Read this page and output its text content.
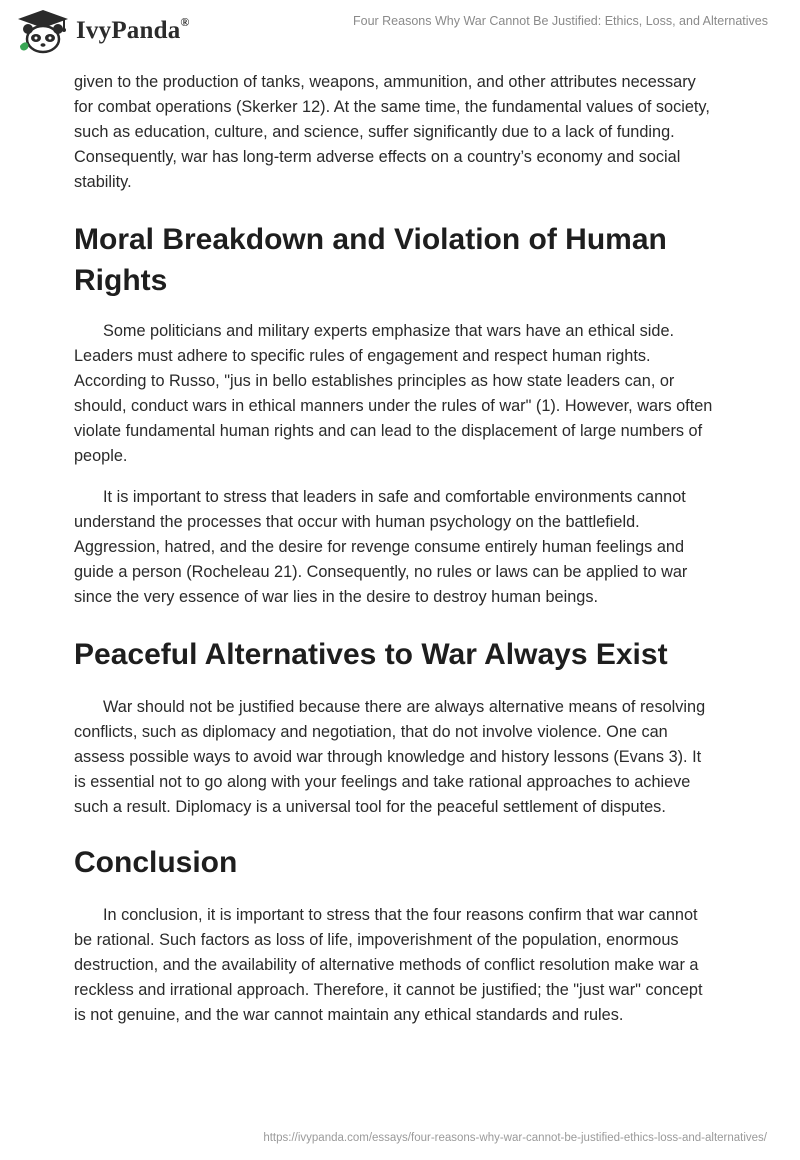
IvyPanda®	Four Reasons Why War Cannot Be Justified: Ethics, Loss, and Alternatives

given to the production of tanks, weapons, ammunition, and other attributes necessary for combat operations (Skerker 12). At the same time, the fundamental values of society, such as education, culture, and science, suffer significantly due to a lack of funding. Consequently, war has long-term adverse effects on a country’s economy and social stability.

Moral Breakdown and Violation of Human Rights

Some politicians and military experts emphasize that wars have an ethical side. Leaders must adhere to specific rules of engagement and respect human rights. According to Russo, "jus in bello establishes principles as how state leaders can, or should, conduct wars in ethical manners under the rules of war" (1). However, wars often violate fundamental human rights and can lead to the displacement of large numbers of people.

It is important to stress that leaders in safe and comfortable environments cannot understand the processes that occur with human psychology on the battlefield. Aggression, hatred, and the desire for revenge consume entirely human feelings and guide a person (Rocheleau 21). Consequently, no rules or laws can be applied to war since the very essence of war lies in the desire to destroy human beings.

Peaceful Alternatives to War Always Exist

War should not be justified because there are always alternative means of resolving conflicts, such as diplomacy and negotiation, that do not involve violence. One can assess possible ways to avoid war through knowledge and history lessons (Evans 3). It is essential not to go along with your feelings and take rational approaches to achieve such a result. Diplomacy is a universal tool for the peaceful settlement of disputes.

Conclusion

In conclusion, it is important to stress that the four reasons confirm that war cannot be rational. Such factors as loss of life, impoverishment of the population, enormous destruction, and the availability of alternative methods of conflict resolution make war a reckless and irrational approach. Therefore, it cannot be justified; the "just war" concept is not genuine, and the war cannot maintain any ethical standards and rules.

https://ivypanda.com/essays/four-reasons-why-war-cannot-be-justified-ethics-loss-and-alternatives/
